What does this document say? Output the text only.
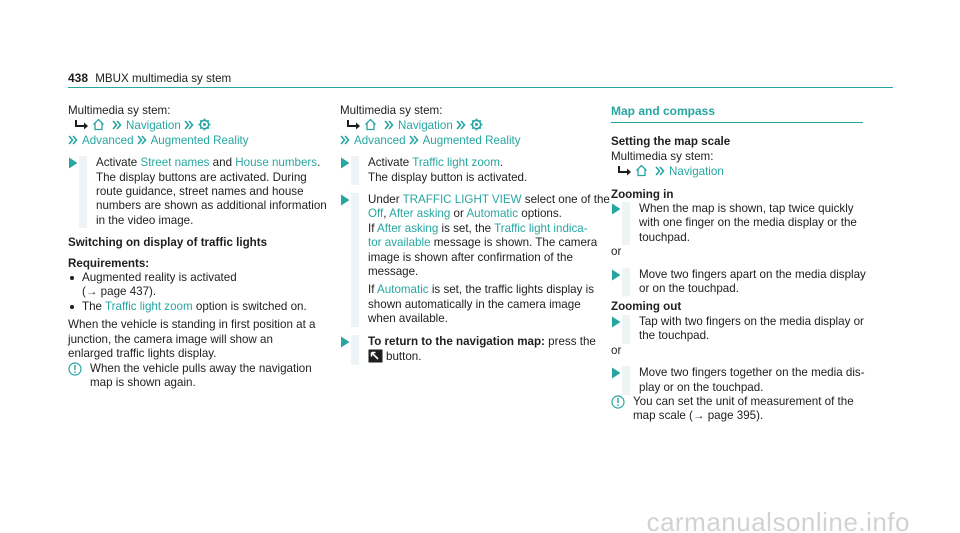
438 MBUX multimedia sy stem
Multimedia sy stem:
Navigation
Advanced Augmented Reality
Activate Street names and House numbers.
The display buttons are activated. During
route guidance, street names and house
numbers are shown as additional information
in the video image.
Switching on display of traffic lights
Requirements:
Augmented reality is activated
(→ page 437).
The Traffic light zoom option is switched on.
When the vehicle is standing in first position at a
junction, the camera image will show an
enlarged traffic lights display.
When the vehicle pulls away the navigation
map is shown again.
Multimedia sy stem:
Navigation
Advanced Augmented Reality
Activate Traffic light zoom.
The display button is activated.
Under TRAFFIC LIGHT VIEW select one of the
Off, After asking or Automatic options.
If After asking is set, the Traffic light indica-
tor available message is shown. The camera
image is shown after confirmation of the
message.
If Automatic is set, the traffic lights display is
shown automatically in the camera image
when available.
To return to the navigation map: press the
button.
Map and compass
Setting the map scale
Multimedia sy stem:
Navigation
Zooming in
When the map is shown, tap twice quickly
with one finger on the media display or the
touchpad.
or
Move two fingers apart on the media display
or on the touchpad.
Zooming out
Tap with two fingers on the media display or
the touchpad.
or
Move two fingers together on the media dis-
play or on the touchpad.
You can set the unit of measurement of the
map scale (→ page 395).
carmanualsonline.info
